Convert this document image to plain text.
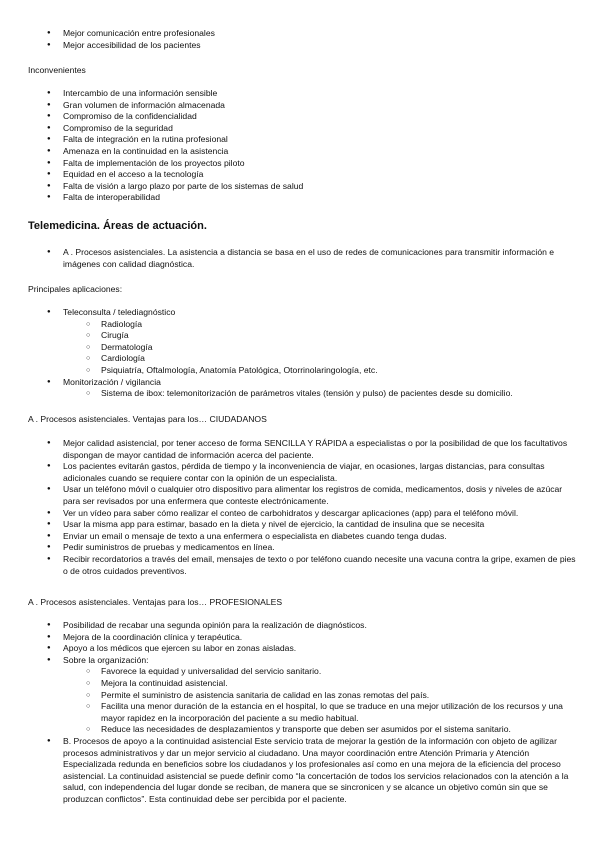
● Mejor comunicación entre profesionales
● Mejor accesibilidad de los pacientes
Inconvenientes
● Intercambio de una información sensible
● Gran volumen de información almacenada
● Compromiso de la confidencialidad
● Compromiso de la seguridad
● Falta de integración en la rutina profesional
● Amenaza en la continuidad en la asistencia
● Falta de implementación de los proyectos piloto
● Equidad en el acceso a la tecnología
● Falta de visión a largo plazo por parte de los sistemas de salud
● Falta de interoperabilidad
Telemedicina. Áreas de actuación.
● A . Procesos asistenciales. La asistencia a distancia se basa en el uso de redes de comunicaciones para transmitir información e imágenes con calidad diagnóstica.
Principales aplicaciones:
● Teleconsulta / telediagnóstico
○ Radiología
○ Cirugía
○ Dermatología
○ Cardiología
○ Psiquiatría, Oftalmología, Anatomía Patológica, Otorrinolaringología, etc.
● Monitorización / vigilancia
○ Sistema de ibox: telemonitorización de parámetros vitales (tensión y pulso) de pacientes desde su domicilio.
A . Procesos asistenciales. Ventajas para los… CIUDADANOS
● Mejor calidad asistencial, por tener acceso de forma SENCILLA Y RÁPIDA a especialistas o por la posibilidad de que los facultativos dispongan de mayor cantidad de información acerca del paciente.
● Los pacientes evitarán gastos, pérdida de tiempo y la inconveniencia de viajar, en ocasiones, largas distancias, para consultas adicionales cuando se requiere contar con la opinión de un especialista.
● Usar un teléfono móvil o cualquier otro dispositivo para alimentar los registros de comida, medicamentos, dosis y niveles de azúcar para ser revisados por una enfermera que conteste electrónicamente.
● Ver un vídeo para saber cómo realizar el conteo de carbohidratos y descargar aplicaciones (app) para el teléfono móvil.
● Usar la misma app para estimar, basado en la dieta y nivel de ejercicio, la cantidad de insulina que se necesita
● Enviar un email o mensaje de texto a una enfermera o especialista en diabetes cuando tenga dudas.
● Pedir suministros de pruebas y medicamentos en línea.
● Recibir recordatorios a través del email, mensajes de texto o por teléfono cuando necesite una vacuna contra la gripe, examen de pies o de otros cuidados preventivos.
A . Procesos asistenciales. Ventajas para los… PROFESIONALES
● Posibilidad de recabar una segunda opinión para la realización de diagnósticos.
● Mejora de la coordinación clínica y terapéutica.
● Apoyo a los médicos que ejercen su labor en zonas aisladas.
● Sobre la organización:
○ Favorece la equidad y universalidad del servicio sanitario.
○ Mejora la continuidad asistencial.
○ Permite el suministro de asistencia sanitaria de calidad en las zonas remotas del país.
○ Facilita una menor duración de la estancia en el hospital, lo que se traduce en una mejor utilización de los recursos y una mayor rapidez en la incorporación del paciente a su medio habitual.
○ Reduce las necesidades de desplazamientos y transporte que deben ser asumidos por el sistema sanitario.
● B. Procesos de apoyo a la continuidad asistencial Este servicio trata de mejorar la gestión de la información con objeto de agilizar procesos administrativos y dar un mejor servicio al ciudadano. Una mayor coordinación entre Atención Primaria y Atención Especializada redunda en beneficios sobre los ciudadanos y los profesionales así como en una mejora de la eficiencia del proceso asistencial. La continuidad asistencial se puede definir como “la concertación de todos los servicios relacionados con la atención a la salud, con independencia del lugar donde se reciban, de manera que se sincronicen y se alcance un objetivo común sin que se produzcan conflictos”. Esta continuidad debe ser percibida por el paciente.
